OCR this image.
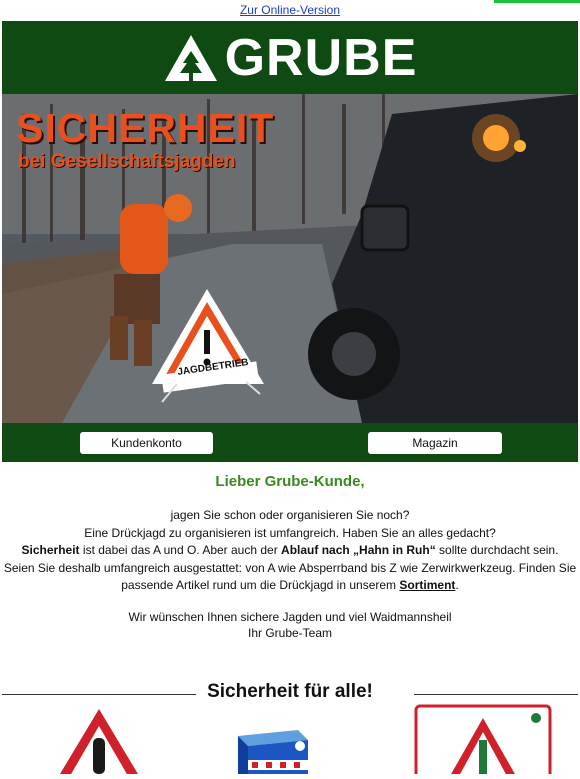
Zur Online-Version
GRUBE
SICHERHEIT
bei Gesellschaftsjagden
JAGDBETRIEB
Kundenkonto	Magazin
Lieber Grube-Kunde,

jagen Sie schon oder organisieren Sie noch?

Eine Drückjagd zu organisieren ist umfangreich. Haben Sie an alles gedacht?

Sicherheit ist dabei das A und O. Aber auch der Ablauf nach „Hahn in Ruh“ sollte durchdacht sein.

Seien Sie deshalb umfangreich ausgestattet: von A wie Absperrband bis Z wie Zerwirkwerkzeug. Finden Sie

passende Artikel rund um die Drückjagd in unserem Sortiment.

Wir wünschen Ihnen sichere Jagden und viel Waidmannsheil
Ihr Grube-Team
Sicherheit für alle!
